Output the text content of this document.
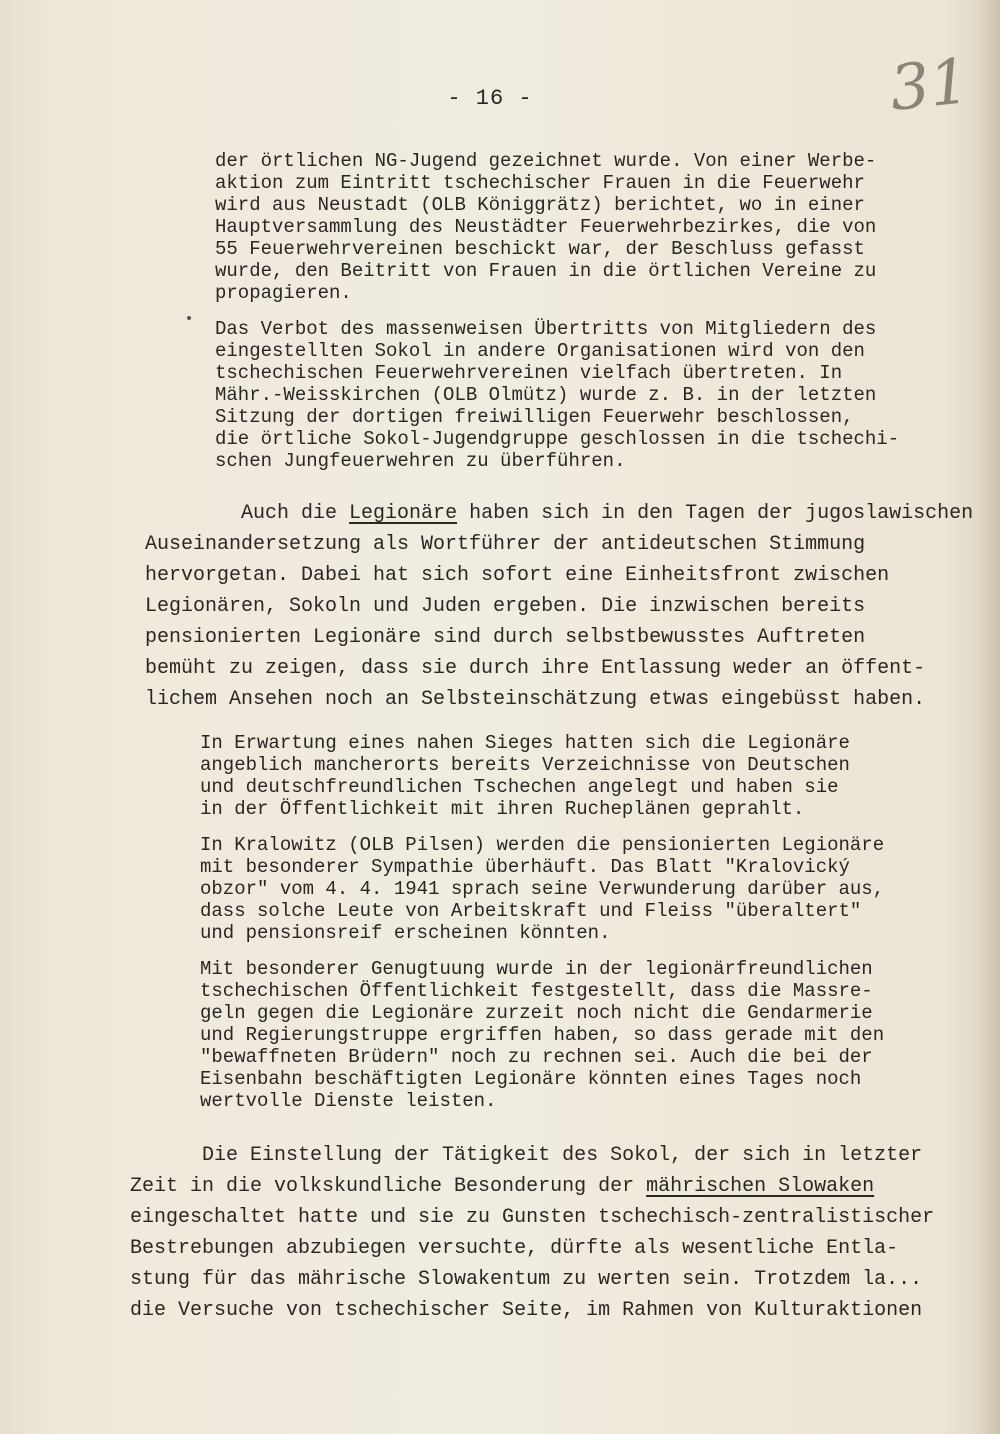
- 16 -	31

der örtlichen NG-Jugend gezeichnet wurde. Von einer Werbe-
aktion zum Eintritt tschechischer Frauen in die Feuerwehr
wird aus Neustadt (OLB Königgrätz) berichtet, wo in einer
Hauptversammlung des Neustädter Feuerwehrbezirkes, die von
55 Feuerwehrvereinen beschickt war, der Beschluss gefasst
wurde, den Beitritt von Frauen in die örtlichen Vereine zu
propagieren.

Das Verbot des massenweisen Übertritts von Mitgliedern des
eingestellten Sokol in andere Organisationen wird von den
tschechischen Feuerwehrvereinen vielfach übertreten. In
Mähr.-Weisskirchen (OLB Olmütz) wurde z. B. in der letzten
Sitzung der dortigen freiwilligen Feuerwehr beschlossen,
die örtliche Sokol-Jugendgruppe geschlossen in die tschechi-
schen Jungfeuerwehren zu überführen.

Auch die Legionäre haben sich in den Tagen der jugoslawischen
Auseinandersetzung als Wortführer der antideutschen Stimmung
hervorgetan. Dabei hat sich sofort eine Einheitsfront zwischen
Legionären, Sokoln und Juden ergeben. Die inzwischen bereits
pensionierten Legionäre sind durch selbstbewusstes Auftreten
bemüht zu zeigen, dass sie durch ihre Entlassung weder an öffent-
lichem Ansehen noch an Selbsteinschätzung etwas eingebüsst haben.

In Erwartung eines nahen Sieges hatten sich die Legionäre
angeblich mancherorts bereits Verzeichnisse von Deutschen
und deutschfreundlichen Tschechen angelegt und haben sie
in der Öffentlichkeit mit ihren Rucheplänen geprahlt.

In Kralowitz (OLB Pilsen) werden die pensionierten Legionäre
mit besonderer Sympathie überhäuft. Das Blatt "Kralovický
obzor" vom 4. 4. 1941 sprach seine Verwunderung darüber aus,
dass solche Leute von Arbeitskraft und Fleiss "überaltert"
und pensionsreif erscheinen könnten.

Mit besonderer Genugtuung wurde in der legionärfreundlichen
tschechischen Öffentlichkeit festgestellt, dass die Massre-
geln gegen die Legionäre zurzeit noch nicht die Gendarmerie
und Regierungstruppe ergriffen haben, so dass gerade mit den
"bewaffneten Brüdern" noch zu rechnen sei. Auch die bei der
Eisenbahn beschäftigten Legionäre könnten eines Tages noch
wertvolle Dienste leisten.

Die Einstellung der Tätigkeit des Sokol, der sich in letzter
Zeit in die volkskundliche Besonderung der mährischen Slowaken
eingeschaltet hatte und sie zu Gunsten tschechisch-zentralistischer
Bestrebungen abzubiegen versuchte, dürfte als wesentliche Entla-
stung für das mährische Slowakentum zu werten sein. Trotzdem la...
die Versuche von tschechischer Seite, im Rahmen von Kulturaktionen
